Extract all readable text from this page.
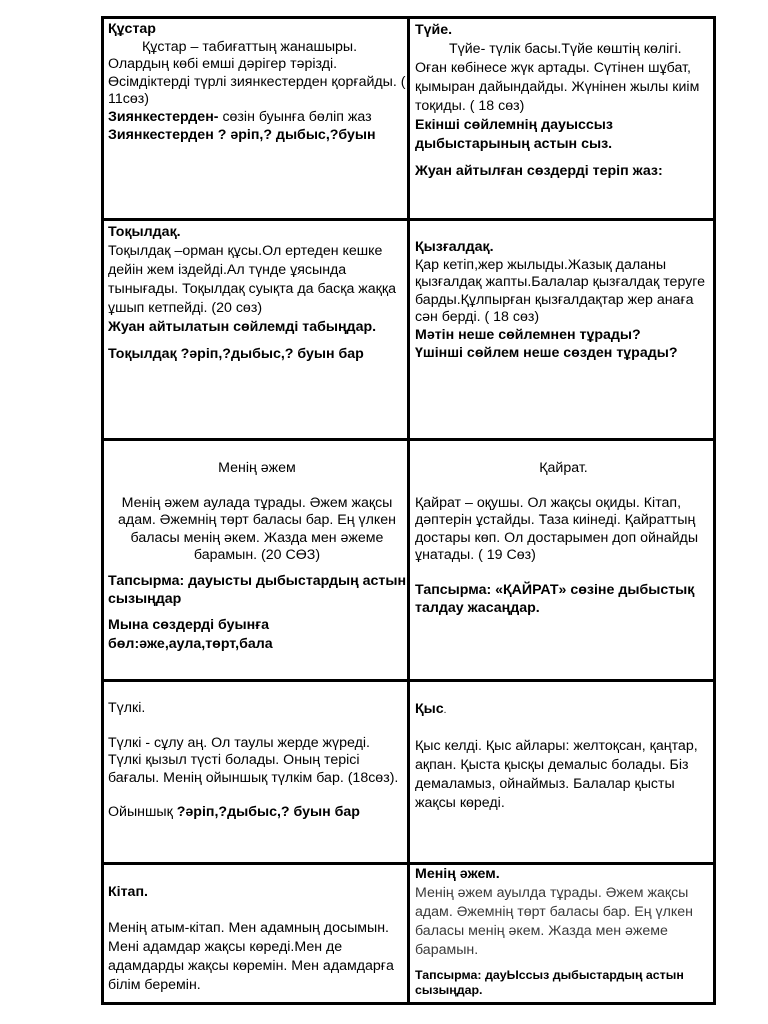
Құстар

Құстар – табиғаттың жанашыры. Олардың көбі емші дәрігер тәрізді. Өсімдіктерді түрлі зиянкестерден қорғайды. ( 11сөз)

Зиянкестерден- сөзін буынға бөліп жаз

Зиянкестерден ? әріп,? дыбыс,?буын

Түйе.

Түйе- түлік басы.Түйе көштің көлігі. Оған көбінесе жүк артады. Сүтінен шұбат, қымыран дайындайды. Жүнінен жылы киім тоқиды. ( 18 сөз)

Екінші сөйлемнің дауыссыз дыбыстарының астын сыз.

Жуан айтылған сөздерді теріп жаз:

Тоқылдақ.

Тоқылдақ –орман құсы.Ол ертеден кешке дейін жем іздейді.Ал түнде ұясында тынығады. Тоқылдақ суықта да басқа жаққа ұшып кетпейді. (20 сөз)

Жуан айтылатын сөйлемді табыңдар.

Тоқылдақ ?әріп,?дыбыс,? буын бар

Қызғалдақ.

Қар кетіп,жер жылыды.Жазық даланы қызғалдақ жапты.Балалар қызғалдақ теруге барды.Құлпырған қызғалдақтар жер анаға сән берді. ( 18 сөз)

Мәтін неше сөйлемнен тұрады?

Үшінші сөйлем неше сөзден тұрады?

Менің әжем

Менің әжем аулада тұрады. Әжем жақсы адам. Әжемнің төрт баласы бар. Ең үлкен баласы менің әкем. Жазда мен әжеме барамын. (20 СӨЗ)

Тапсырма: дауысты дыбыстардың астын сызыңдар

Мына сөздерді буынға бөл:әже,аула,төрт,бала

Қайрат.

Қайрат – оқушы. Ол жақсы оқиды. Кітап, дәптерін ұстайды. Таза киінеді. Қайраттың достары көп. Ол достарымен доп ойнайды ұнатады. ( 19 Сөз)

Тапсырма: «ҚАЙРАТ» сөзіне дыбыстық талдау жасаңдар.

Түлкі.

Түлкі - сұлу аң. Ол таулы жерде жүреді. Түлкі қызыл түсті болады. Оның терісі бағалы. Менің ойыншық түлкім бар. (18сөз).

Ойыншық ?әріп,?дыбыс,? буын бар

Қыс.

Қыс келді. Қыс айлары: желтоқсан, қаңтар, ақпан. Қыста қысқы демалыс болады. Біз демаламыз, ойнаймыз. Балалар қысты жақсы көреді.

Кітап.

Менің атым-кітап. Мен адамның досымын. Мені адамдар жақсы көреді.Мен де адамдарды жақсы көремін. Мен адамдарға білім беремін.

Менің әжем.

Менің әжем ауылда тұрады. Әжем жақсы адам. Әжемнің төрт баласы бар. Ең үлкен баласы менің әкем. Жазда мен әжеме барамын.

Тапсырма: дауЫссыз дыбыстардың астын сызыңдар.
